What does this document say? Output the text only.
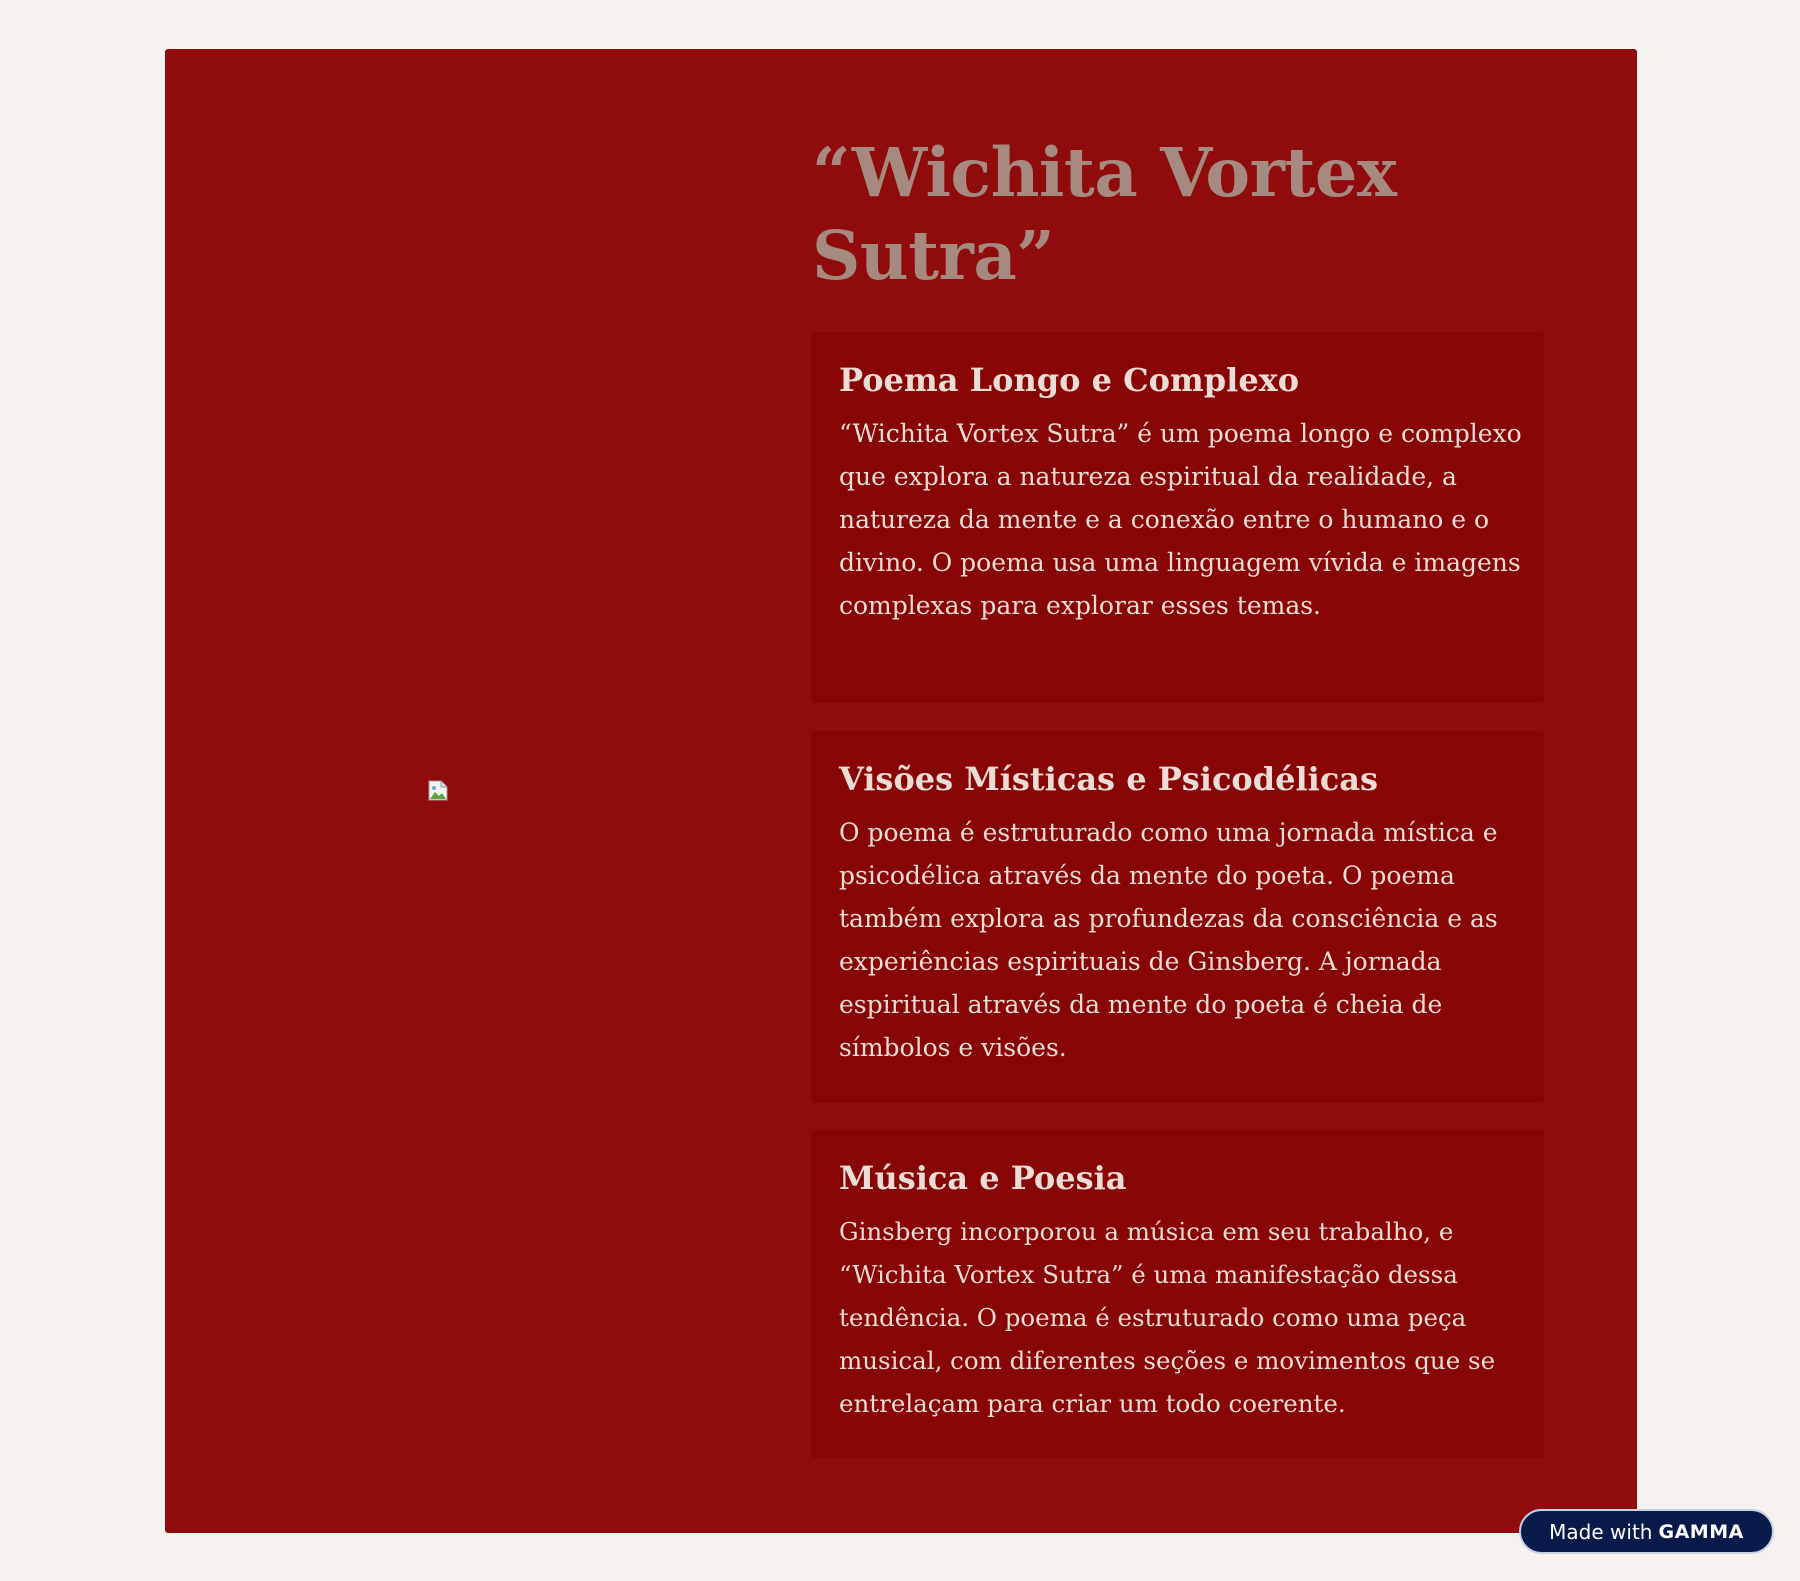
“Wichita Vortex Sutra”
Poema Longo e Complexo

“Wichita Vortex Sutra” é um poema longo e complexo que explora a natureza espiritual da realidade, a natureza da mente e a conexão entre o humano e o divino. O poema usa uma linguagem vívida e imagens complexas para explorar esses temas.

Visões Místicas e Psicodélicas

O poema é estruturado como uma jornada mística e psicodélica através da mente do poeta. O poema também explora as profundezas da consciência e as experiências espirituais de Ginsberg. A jornada espiritual através da mente do poeta é cheia de símbolos e visões.

Música e Poesia

Ginsberg incorporou a música em seu trabalho, e “Wichita Vortex Sutra” é uma manifestação dessa tendência. O poema é estruturado como uma peça musical, com diferentes seções e movimentos que se entrelaçam para criar um todo coerente.

Made with GAMMA
